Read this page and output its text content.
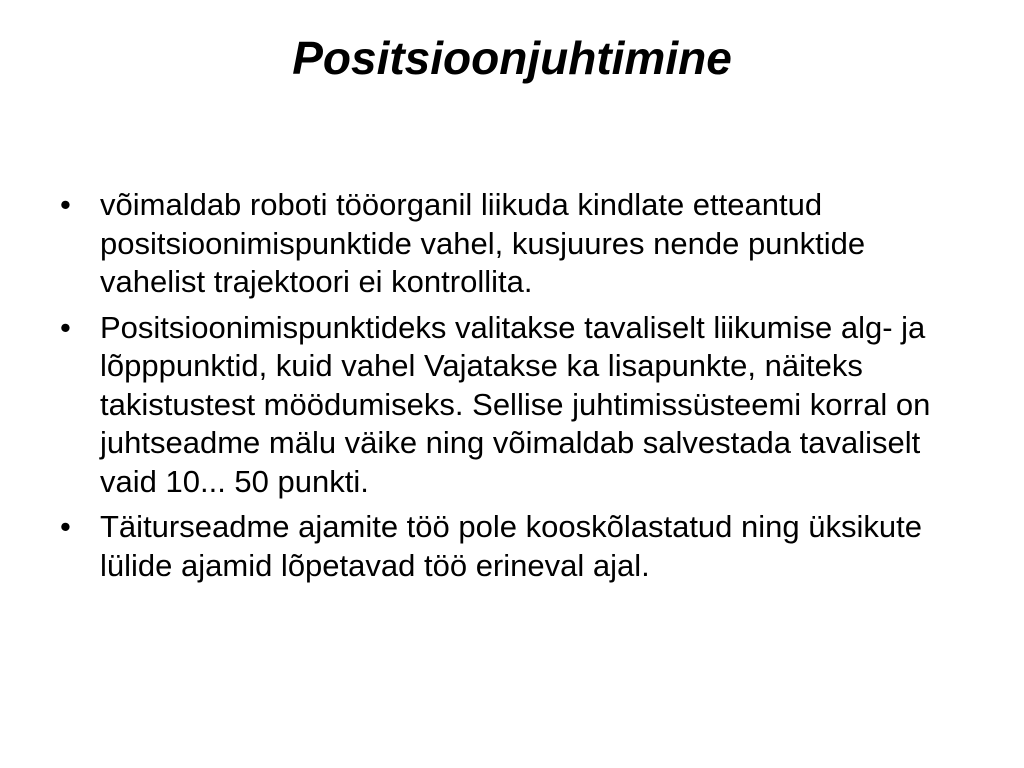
Positsioonjuhtimine
• võimaldab roboti tööorganil liikuda kindlate etteantud positsioonimispunktide vahel, kusjuures nende punktide vahelist trajektoori ei kontrollita.
• Positsioonimispunktideks valitakse tavaliselt liikumise alg- ja lõpppunktid, kuid vahel Vajatakse ka lisapunkte, näiteks takistustest möödumiseks. Sellise juhtimissüsteemi korral on juhtseadme mälu väike ning võimaldab salvestada tavaliselt vaid 10... 50 punkti.
• Täiturseadme ajamite töö pole kooskõlastatud ning üksikute lülide ajamid lõpetavad töö erineval ajal.
